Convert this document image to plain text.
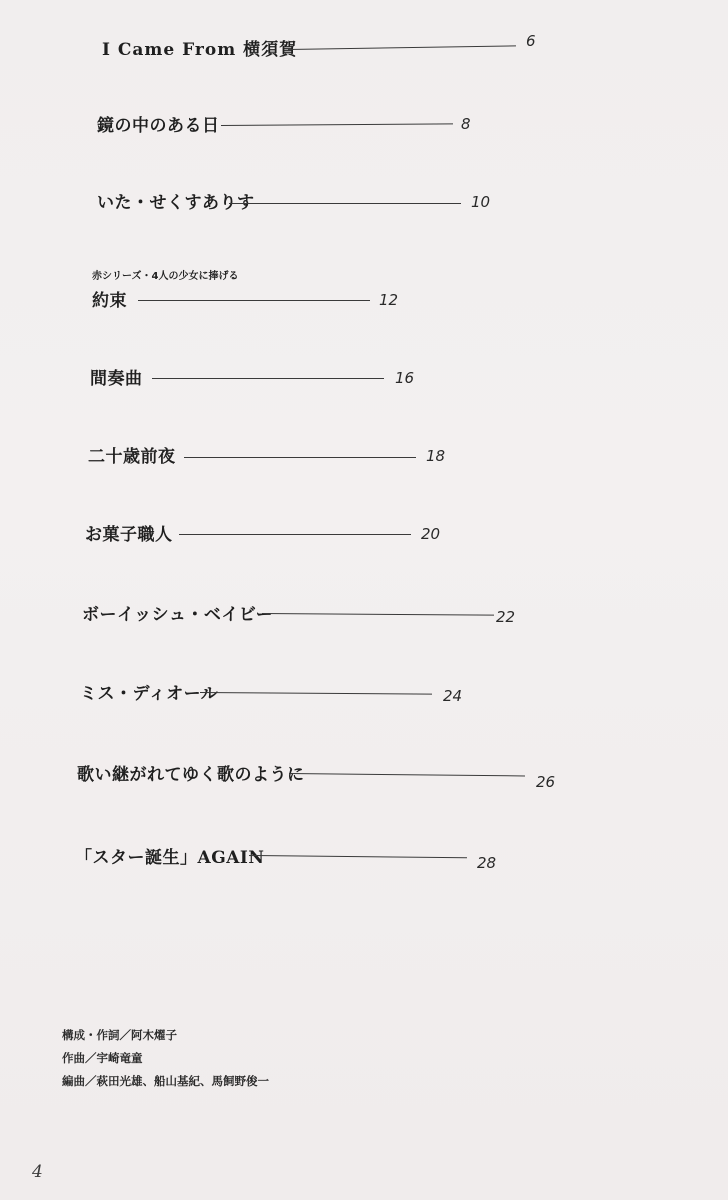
I Came From 横須賀	6
鏡の中のある日	8
いた・せくすありす	10
赤シリーズ・4人の少女に捧げる
約束	12
間奏曲	16
二十歳前夜	18
お菓子職人	20
ボーイッシュ・ベイビー	22
ミス・ディオール	24
歌い継がれてゆく歌のように	26
「スター誕生」AGAIN	28
構成・作詞／阿木燿子
作曲／宇崎竜童
編曲／萩田光雄、船山基紀、馬飼野俊一
4
